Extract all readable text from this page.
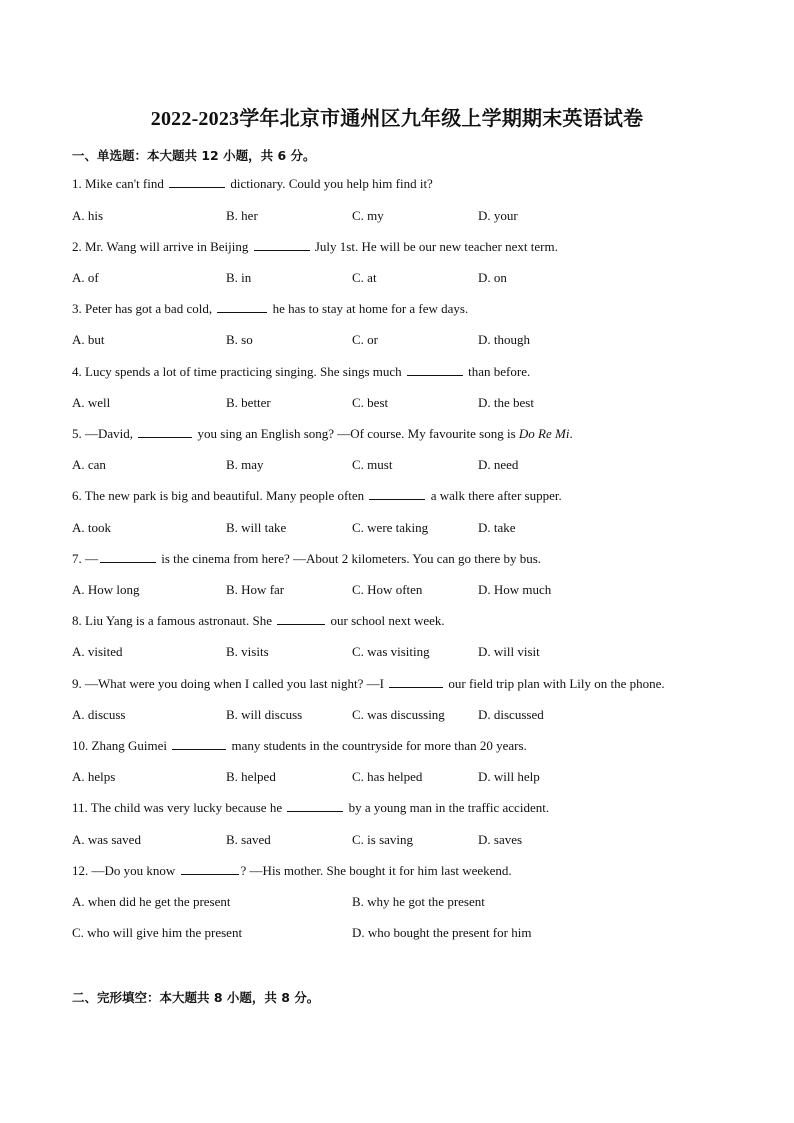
2022-2023学年北京市通州区九年级上学期期末英语试卷
一、单选题：本大题共 12 小题，共 6 分。
1. Mike can't find	dictionary. Could you help him find it?
A. his	B. her	C. my	D. your
2. Mr. Wang will arrive in Beijing	July 1st. He will be our new teacher next term.
A. of	B. in	C. at	D. on
3. Peter has got a bad cold,	he has to stay at home for a few days.
A. but	B. so	C. or	D. though
4. Lucy spends a lot of time practicing singing. She sings much	than before.
A. well	B. better	C. best	D. the best
5. —David,	you sing an English song? —Of course. My favourite song is Do Re Mi.
A. can	B. may	C. must	D. need
6. The new park is big and beautiful. Many people often	a walk there after supper.
A. took	B. will take	C. were taking	D. take
7. —	is the cinema from here? —About 2 kilometers. You can go there by bus.
A. How long	B. How far	C. How often	D. How much
8. Liu Yang is a famous astronaut. She	our school next week.
A. visited	B. visits	C. was visiting	D. will visit
9. —What were you doing when I called you last night? —I	our field trip plan with Lily on the phone.
A. discuss	B. will discuss	C. was discussing	D. discussed
10. Zhang Guimei	many students in the countryside for more than 20 years.
A. helps	B. helped	C. has helped	D. will help
11. The child was very lucky because he	by a young man in the traffic accident.
A. was saved	B. saved	C. is saving	D. saves
12. —Do you know	? —His mother. She bought it for him last weekend.
A. when did he get the present	B. why he got the present
C. who will give him the present	D. who bought the present for him
二、完形填空：本大题共 8 小题，共 8 分。
